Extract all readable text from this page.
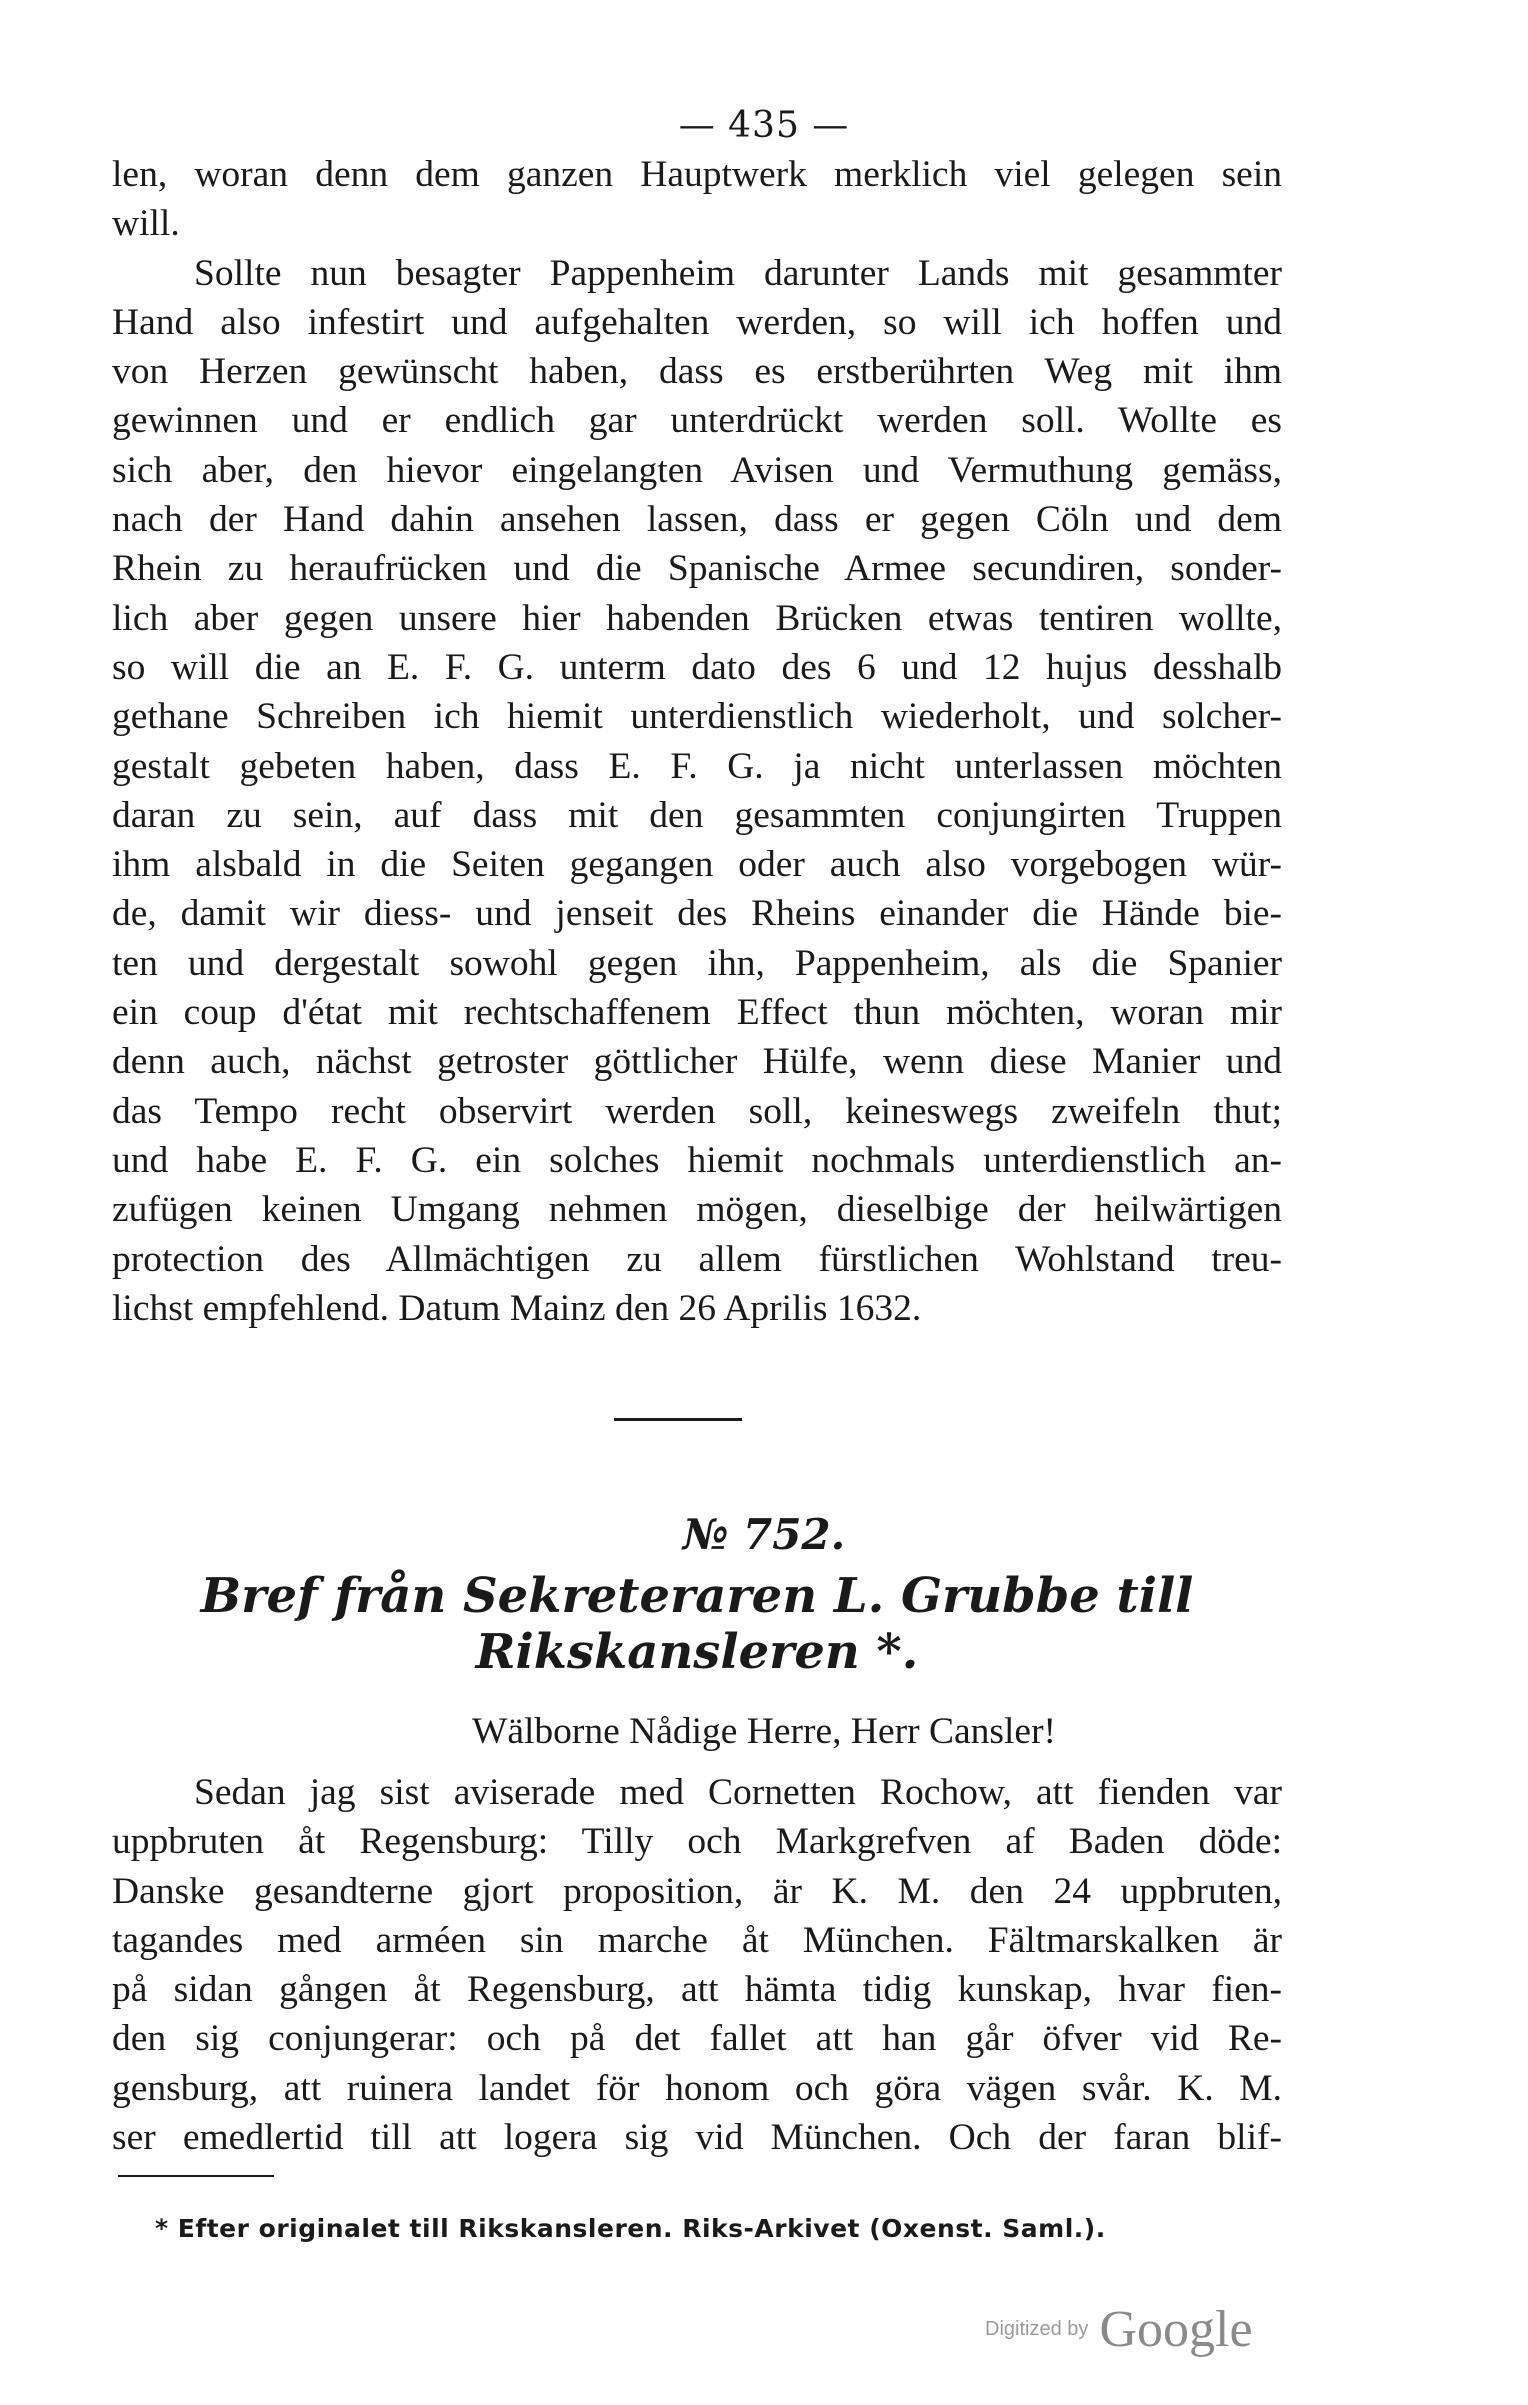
— 435 —
len, woran denn dem ganzen Hauptwerk merklich viel gelegen sein
will.
Sollte nun besagter Pappenheim darunter Lands mit gesammter
Hand also infestirt und aufgehalten werden, so will ich hoffen und
von Herzen gewünscht haben, dass es erstberührten Weg mit ihm
gewinnen und er endlich gar unterdrückt werden soll. Wollte es
sich aber, den hievor eingelangten Avisen und Vermuthung gemäss,
nach der Hand dahin ansehen lassen, dass er gegen Cöln und dem
Rhein zu heraufrücken und die Spanische Armee secundiren, sonder-
lich aber gegen unsere hier habenden Brücken etwas tentiren wollte,
so will die an E. F. G. unterm dato des 6 und 12 hujus desshalb
gethane Schreiben ich hiemit unterdienstlich wiederholt, und solcher-
gestalt gebeten haben, dass E. F. G. ja nicht unterlassen möchten
daran zu sein, auf dass mit den gesammten conjungirten Truppen
ihm alsbald in die Seiten gegangen oder auch also vorgebogen wür-
de, damit wir diess- und jenseit des Rheins einander die Hände bie-
ten und dergestalt sowohl gegen ihn, Pappenheim, als die Spanier
ein coup d'état mit rechtschaffenem Effect thun möchten, woran mir
denn auch, nächst getroster göttlicher Hülfe, wenn diese Manier und
das Tempo recht observirt werden soll, keineswegs zweifeln thut;
und habe E. F. G. ein solches hiemit nochmals unterdienstlich an-
zufügen keinen Umgang nehmen mögen, dieselbige der heilwärtigen
protection des Allmächtigen zu allem fürstlichen Wohlstand treu-
lichst empfehlend. Datum Mainz den 26 Aprilis 1632.
№ 752.
Bref från Sekreteraren L. Grubbe till
Rikskansleren *.
Wälborne Nådige Herre, Herr Cansler!
Sedan jag sist aviserade med Cornetten Rochow, att fienden var
uppbruten åt Regensburg: Tilly och Markgrefven af Baden döde:
Danske gesandterne gjort proposition, är K. M. den 24 uppbruten,
tagandes med arméen sin marche åt München. Fältmarskalken är
på sidan gången åt Regensburg, att hämta tidig kunskap, hvar fien-
den sig conjungerar: och på det fallet att han går öfver vid Re-
gensburg, att ruinera landet för honom och göra vägen svår. K. M.
ser emedlertid till att logera sig vid München. Och der faran blif-
* Efter originalet till Rikskansleren. Riks-Arkivet (Oxenst. Saml.).
Digitized by Google
